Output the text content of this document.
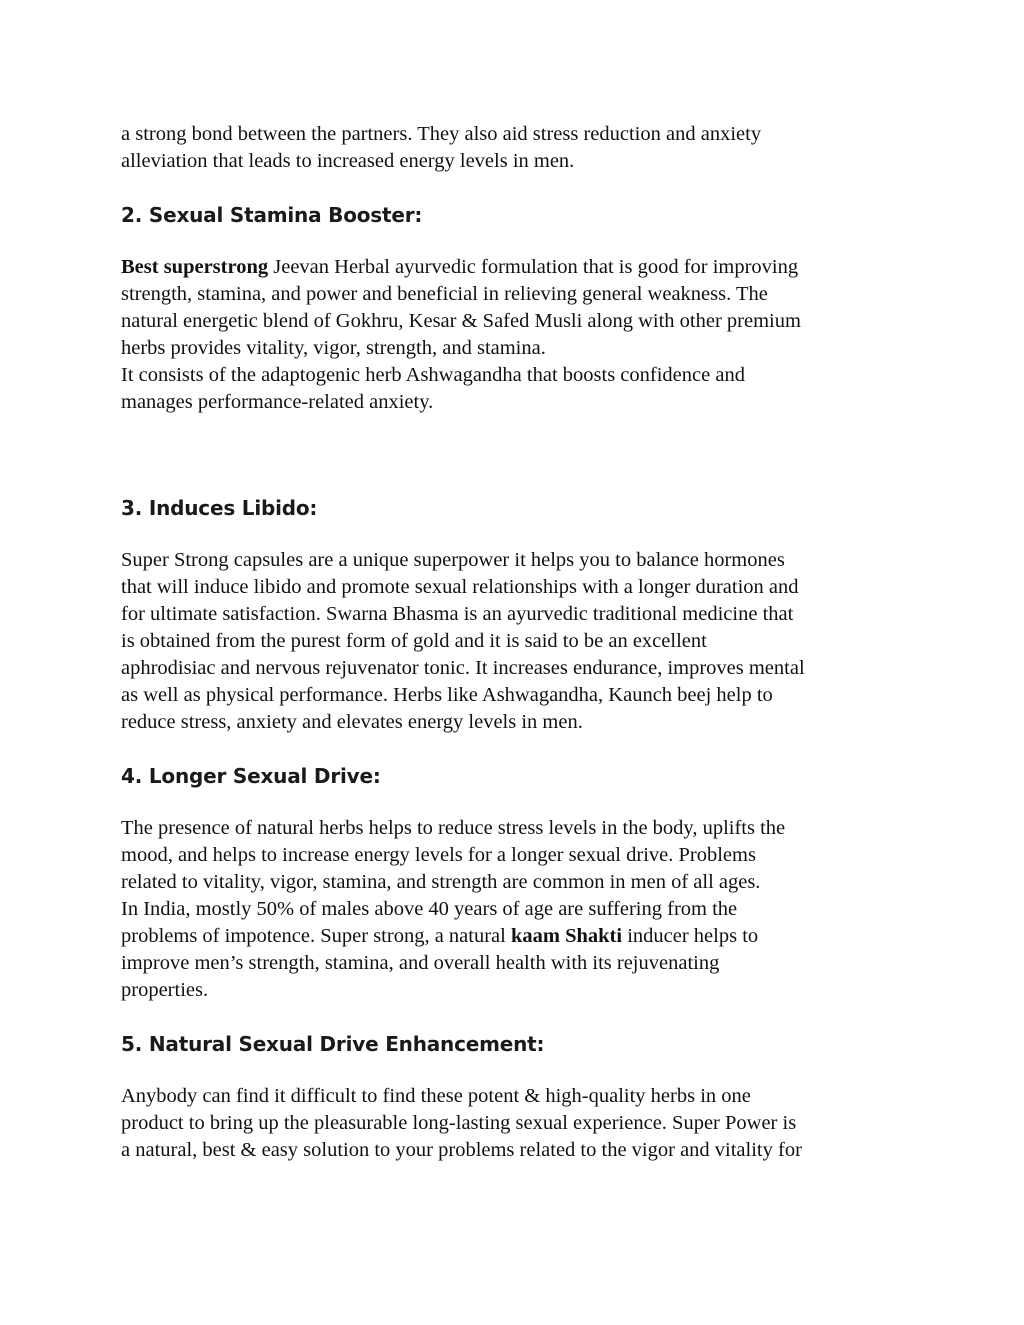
a strong bond between the partners. They also aid stress reduction and anxiety
alleviation that leads to increased energy levels in men.

2. Sexual Stamina Booster:

Best superstrong Jeevan Herbal ayurvedic formulation that is good for improving
strength, stamina, and power and beneficial in relieving general weakness. The
natural energetic blend of Gokhru, Kesar & Safed Musli along with other premium
herbs provides vitality, vigor, strength, and stamina.
It consists of the adaptogenic herb Ashwagandha that boosts confidence and
manages performance-related anxiety.

3. Induces Libido:

Super Strong capsules are a unique superpower it helps you to balance hormones
that will induce libido and promote sexual relationships with a longer duration and
for ultimate satisfaction. Swarna Bhasma is an ayurvedic traditional medicine that
is obtained from the purest form of gold and it is said to be an excellent
aphrodisiac and nervous rejuvenator tonic. It increases endurance, improves mental
as well as physical performance. Herbs like Ashwagandha, Kaunch beej help to
reduce stress, anxiety and elevates energy levels in men.

4. Longer Sexual Drive:

The presence of natural herbs helps to reduce stress levels in the body, uplifts the
mood, and helps to increase energy levels for a longer sexual drive. Problems
related to vitality, vigor, stamina, and strength are common in men of all ages.
In India, mostly 50% of males above 40 years of age are suffering from the
problems of impotence. Super strong, a natural kaam Shakti inducer helps to
improve men’s strength, stamina, and overall health with its rejuvenating
properties.

5. Natural Sexual Drive Enhancement:

Anybody can find it difficult to find these potent & high-quality herbs in one
product to bring up the pleasurable long-lasting sexual experience. Super Power is
a natural, best & easy solution to your problems related to the vigor and vitality for
